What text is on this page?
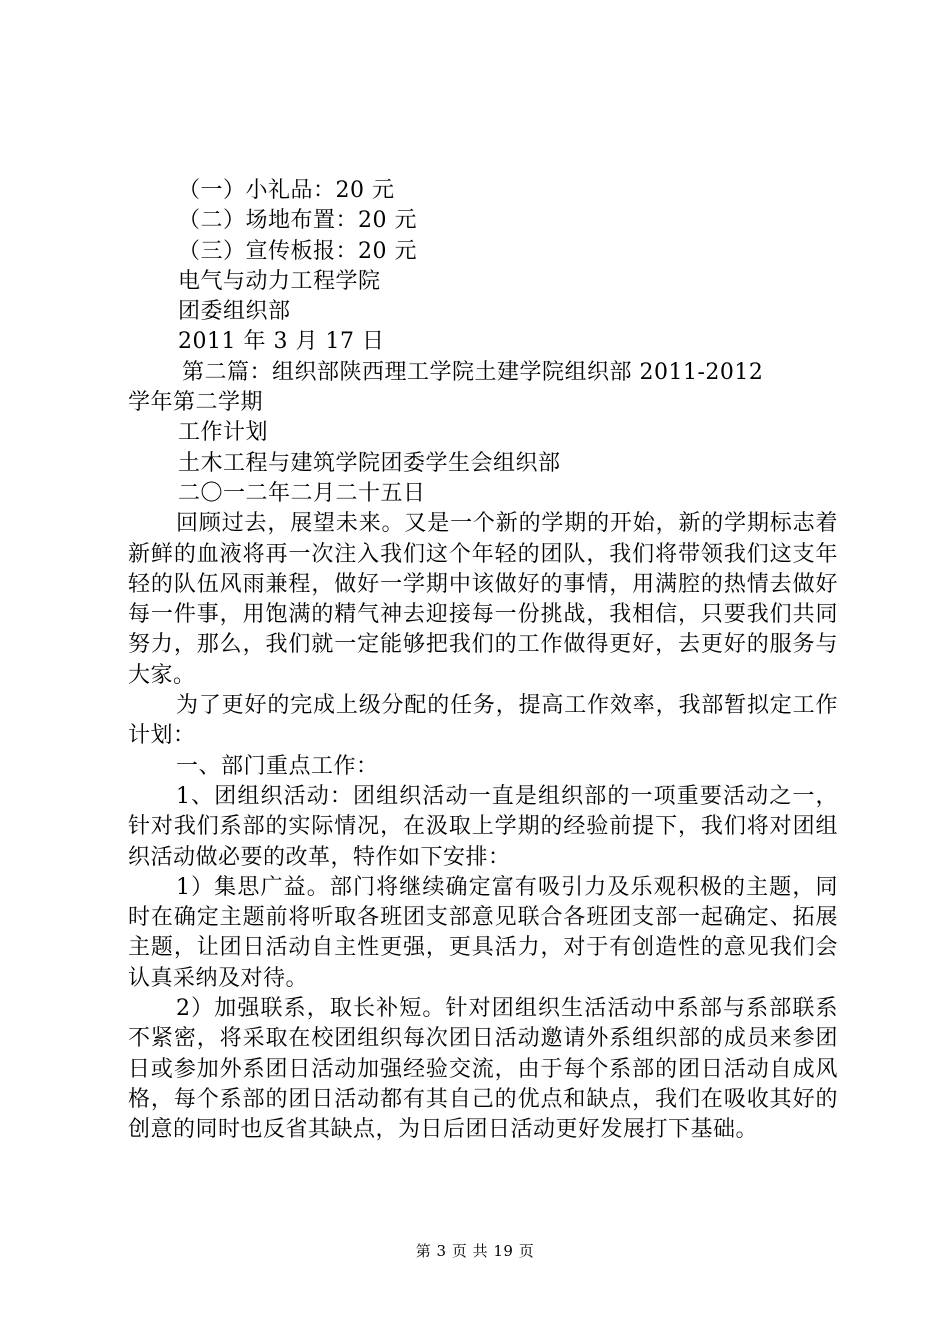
（一）小礼品：20 元
（二）场地布置：20 元
（三）宣传板报：20 元
电气与动力工程学院
团委组织部
2011 年 3 月 17 日
第二篇：组织部陕西理工学院土建学院组织部 2011-2012
学年第二学期
工作计划
土木工程与建筑学院团委学生会组织部
二〇一二年二月二十五日
回顾过去，展望未来。又是一个新的学期的开始，新的学期标志着新鲜的血液将再一次注入我们这个年轻的团队，我们将带领我们这支年轻的队伍风雨兼程，做好一学期中该做好的事情，用满腔的热情去做好每一件事，用饱满的精气神去迎接每一份挑战，我相信，只要我们共同努力，那么，我们就一定能够把我们的工作做得更好，去更好的服务与大家。
为了更好的完成上级分配的任务，提高工作效率，我部暂拟定工作计划：
一、部门重点工作：
1、团组织活动：团组织活动一直是组织部的一项重要活动之一，针对我们系部的实际情况，在汲取上学期的经验前提下，我们将对团组织活动做必要的改革，特作如下安排：
1）集思广益。部门将继续确定富有吸引力及乐观积极的主题，同时在确定主题前将听取各班团支部意见联合各班团支部一起确定、拓展主题，让团日活动自主性更强，更具活力，对于有创造性的意见我们会认真采纳及对待。
2）加强联系，取长补短。针对团组织生活活动中系部与系部联系不紧密，将采取在校团组织每次团日活动邀请外系组织部的成员来参团日或参加外系团日活动加强经验交流，由于每个系部的团日活动自成风格，每个系部的团日活动都有其自己的优点和缺点，我们在吸收其好的创意的同时也反省其缺点，为日后团日活动更好发展打下基础。
第 3 页 共 19 页
